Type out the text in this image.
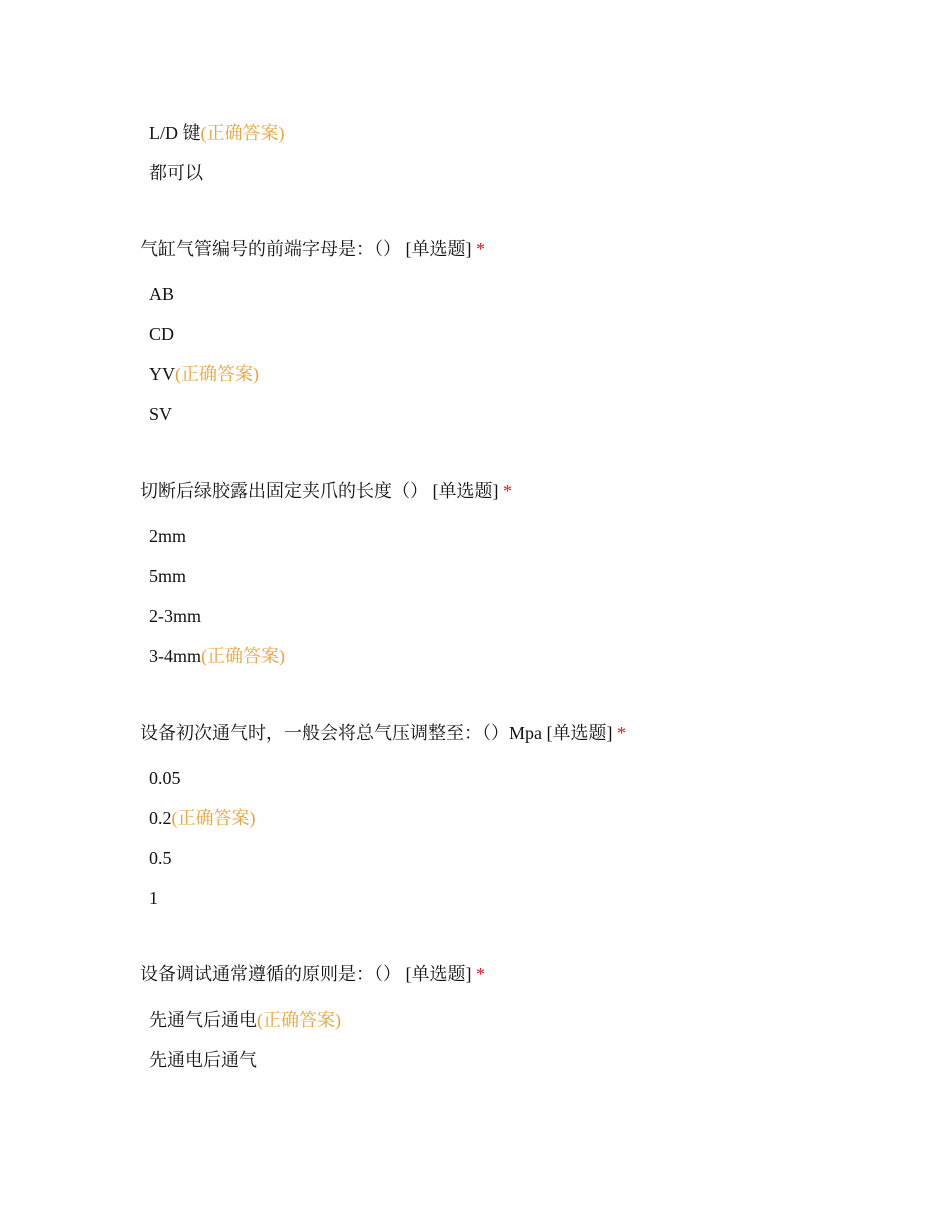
L/D 键(正确答案)
都可以
气缸气管编号的前端字母是：（） [单选题] *
AB
CD
YV(正确答案)
SV
切断后绿胶露出固定夹爪的长度（） [单选题] *
2mm
5mm
2-3mm
3-4mm(正确答案)
设备初次通气时，一般会将总气压调整至：（）Mpa [单选题] *
0.05
0.2(正确答案)
0.5
1
设备调试通常遵循的原则是：（） [单选题] *
先通气后通电(正确答案)
先通电后通气
